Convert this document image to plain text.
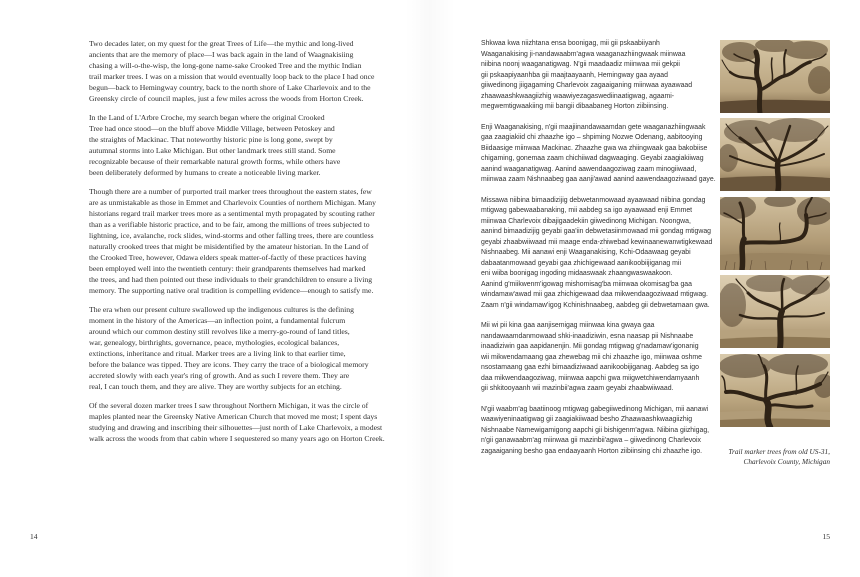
Two decades later, on my quest for the great Trees of Life—the mythic and long-lived
ancients that are the memory of place—I was back again in the land of Waagnakisiing
chasing a will-o-the-wisp, the long-gone name-sake Crooked Tree and the mythic Indian
trail marker trees. I was on a mission that would eventually loop back to the place I had once
begun—back to Hemingway country, back to the north shore of Lake Charlevoix and to the
Greensky circle of council maples, just a few miles across the woods from Horton Creek.

In the Land of L'Arbre Croche, my search began where the original Crooked
Tree had once stood—on the bluff above Middle Village, between Petoskey and
the straights of Mackinac. That noteworthy historic pine is long gone, swept by
autumnal storms into Lake Michigan. But other landmark trees still stand. Some
recognizable because of their remarkable natural growth forms, while others have
been deliberately deformed by humans to create a noticeable living marker.

Though there are a number of purported trail marker trees throughout the eastern states, few
are as unmistakable as those in Emmet and Charlevoix Counties of northern Michigan. Many
historians regard trail marker trees more as a sentimental myth propagated by scouting rather
than as a verifiable historic practice, and to be fair, among the millions of trees subjected to
lightning, ice, avalanche, rock slides, wind-storms and other falling trees, there are countless
naturally crooked trees that might be misidentified by the amateur historian. In the Land of
the Crooked Tree, however, Odawa elders speak matter-of-factly of these practices having
been employed well into the twentieth century: their grandparents themselves had marked
the trees, and had then pointed out these individuals to their grandchildren to ensure a living
memory. The supporting native oral tradition is compelling evidence—enough to satisfy me.

The era when our present culture swallowed up the indigenous cultures is the defining
moment in the history of the Americas—an inflection point, a fundamental fulcrum
around which our common destiny still revolves like a merry-go-round of land titles,
war, genealogy, birthrights, governance, peace, mythologies, ecological balances,
extinctions, inheritance and ritual. Marker trees are a living link to that earlier time,
before the balance was tipped. They are icons. They carry the trace of a biological memory
accreted slowly with each year's ring of growth. And as such I revere them. They are
real, I can touch them, and they are alive. They are worthy subjects for an etching.

Of the several dozen marker trees I saw throughout Northern Michigan, it was the circle of
maples planted near the Greensky Native American Church that moved me most; I spent days
studying and drawing and inscribing their silhouettes—just north of Lake Charlevoix, a modest
walk across the woods from that cabin where I sequestered so many years ago on Horton Creek.

Shkwaa kwa niizhtana ensa boonigag, mii gii pskaabiiyanh
Waaganakising ji-nandawaabm'agwa waaganazhiingwaak miinwaa
niibina noonj waaganatigwag. N'gii maadaadiz miinwaa mii gekpii
gii pskaapiyaanhba gii maajtaayaanh, Hemingway gaa ayaad
giiwedinong jiigagaming Charlevoix zagaaiganing miinwaa ayaawaad
zhaawaashkwaagiizhig waawiyezagaswediinaatigwag, agaami-
megwemtigwaakiing mii bangii dibaabaneg Horton ziibiinsing.

Enji Waaganakising, n'gii maajiinandawaamdan gete waaganazhiingwaak
gaa zaagiakiid chi zhaazhe igo – shpiming Nozwe Odenang, aabitooying
Biidaasige miinwaa Mackinac. Zhaazhe gwa wa zhiingwaak gaa bakobiise
chigaming, gonemaa zaam chichiiwad dagwaaging. Geyabi zaagiakiiwag
aanind waaganatigwag. Aanind aawendaagoziwag zaam minogiiwaad,
miinwaa zaam Nishnaabeg gaa aanji'awad aanind aawendaagoziwaad gaye.

Missawa niibina bimaadizijig debwetanmowaad ayaawaad niibina gondag
mtigwag gabewaabanaking, mii aabdeg sa igo ayaawaad enji Emmet
miinwaa Charlevoix dibajigaadekiin giiwedinong Michigan. Noongwa,
aanind bimaadizijig geyabi gaa'iin debwetasiinmowaad mii gondag mtigwag
geyabi zhaabwiiwaad mii maage enda-zhiwebad kewinaanewanwtigkewaad
Nishnaabeg. Mii aanawi enji Waaganakising, Kchi-Odaawaag geyabi
dabaatanmowaad geyabi gaa zhichigewaad aanikoobiijiganag mii
eni wiiba boonigag ingoding midaaswaak zhaangwaswaakoon.
Aanind g'miikwenm'igowag mishomisag'ba miinwaa okomisag'ba gaa
windamaw'awad mii gaa zhichigewaad daa mikwendaagoziwaad mtigwag.
Zaam n'gii windamaw'igog Kchinishnaabeg, aabdeg gii debwetamaan gwa.

Mii wi pii kina gaa aanjisemigag miinwaa kina gwaya gaa
nandawaamdanmowaad shki-inaadiziwin, esna naasap pii Nishnaabe
inaadiziwin gaa aapidanenjin. Mii gondag mtigwag g'nadamaw'igonanig
wii mikwendamaang gaa zhewebag mii chi zhaazhe igo, miinwaa oshme
nsostamaang gaa ezhi bimaadiziwaad aanikoobijiganag. Aabdeg sa igo
daa mikwendaagoziwag, miinwaa aapchi gwa miigwetchiwendamyaanh
gii shkitooyaanh wii mazinbii'agwa zaam geyabi zhaabwiiwaad.

N'gii waabm'ag baatiinoog mtigwag gabegiiwedinong Michigan, mii aanawi
waawiyeninaatigwag gii zaagiakiiwaad besho Zhaawaashkwaagiizhig
Nishnaabe Namewigamigong aapchi gii bishigenm'agwa. Niibina giizhigag,
n'gii ganawaabm'ag miinwaa gii mazinbii'agwa – giiwedinong Charlevoix
zagaaiganing besho gaa endaayaanh Horton ziibiinsing chi zhaazhe igo.	Trail marker trees from old US-31,
Charlevoix County, Michigan
14	15
